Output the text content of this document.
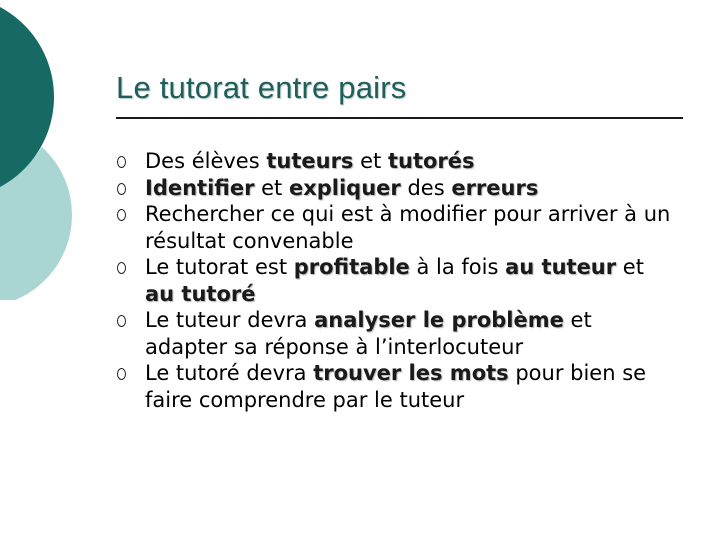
Le tutorat entre pairs
Des élèves tuteurs et tutorés
Identifier et expliquer des erreurs
Rechercher ce qui est à modifier pour arriver à un résultat convenable
Le tutorat est profitable à la fois au tuteur et au tutoré
Le tuteur devra analyser le problème et adapter sa réponse à l’interlocuteur
Le tutoré devra trouver les mots pour bien se faire comprendre par le tuteur
